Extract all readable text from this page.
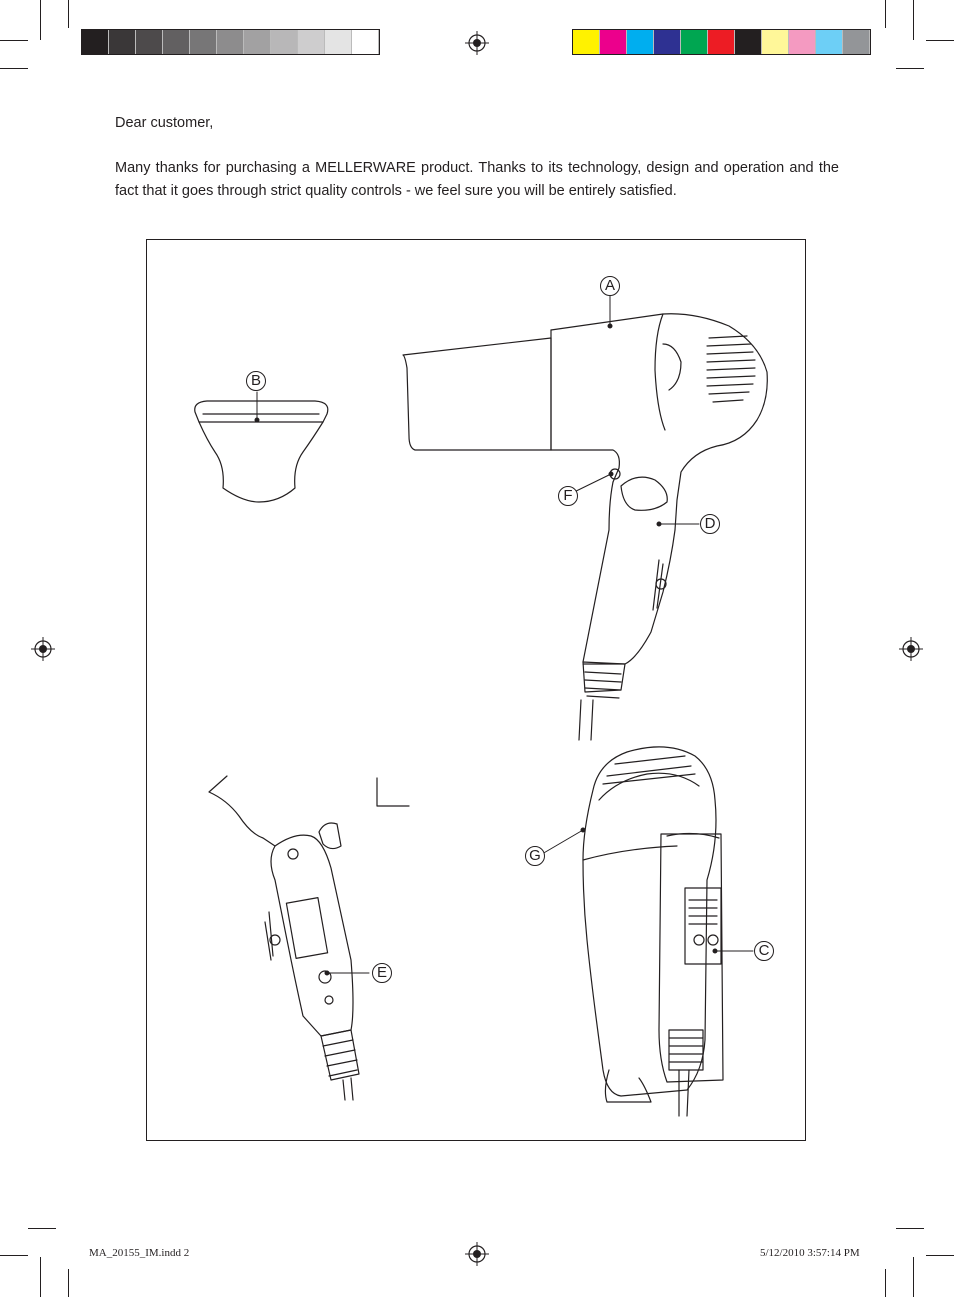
Dear customer,

Many thanks for purchasing a MELLERWARE product. Thanks to its technology, design and operation and the fact that it goes through strict quality controls - we feel sure you will be entirely satisfied.

A
B
C
D
E
F
G
MA_20155_IM.indd 2	5/12/2010 3:57:14 PM
